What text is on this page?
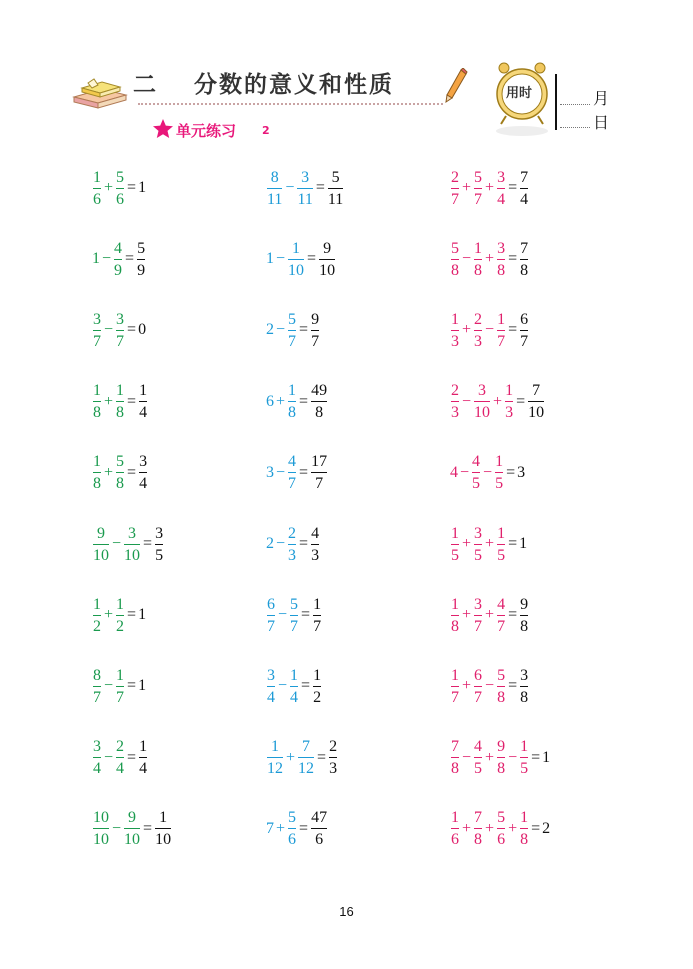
二 分数的意义和性质	用时	月
日
单元练习 2
$\frac{1}{6} + \frac{5}{6} = 1$
$1 - \frac{4}{9} = \frac{5}{9}$
$\frac{3}{7} - \frac{3}{7} = 0$
$\frac{1}{8} + \frac{1}{8} = \frac{1}{4}$
$\frac{1}{8} + \frac{5}{8} = \frac{3}{4}$
$\frac{9}{10} - \frac{3}{10} = \frac{3}{5}$
$\frac{1}{2} + \frac{1}{2} = 1$
$\frac{8}{7} - \frac{1}{7} = 1$
$\frac{3}{4} - \frac{2}{4} = \frac{1}{4}$
$\frac{10}{10} - \frac{9}{10} = \frac{1}{10}$
$\frac{8}{11} - \frac{3}{11} = \frac{5}{11}$
$1 - \frac{1}{10} = \frac{9}{10}$
$2 - \frac{5}{7} = \frac{9}{7}$
$6 + \frac{1}{8} = \frac{49}{8}$
$3 - \frac{4}{7} = \frac{17}{7}$
$2 - \frac{2}{3} = \frac{4}{3}$
$\frac{6}{7} - \frac{5}{7} = \frac{1}{7}$
$\frac{3}{4} - \frac{1}{4} = \frac{1}{2}$
$\frac{1}{12} + \frac{7}{12} = \frac{2}{3}$
$7 + \frac{5}{6} = \frac{47}{6}$
$\frac{2}{7} + \frac{5}{7} + \frac{3}{4} = \frac{7}{4}$
$\frac{5}{8} - \frac{1}{8} + \frac{3}{8} = \frac{7}{8}$
$\frac{1}{3} + \frac{2}{3} - \frac{1}{7} = \frac{6}{7}$
$\frac{2}{3} - \frac{3}{10} + \frac{1}{3} = \frac{7}{10}$
$4 - \frac{4}{5} - \frac{1}{5} = 3$
$\frac{1}{5} + \frac{3}{5} + \frac{1}{5} = 1$
$\frac{1}{8} + \frac{3}{7} + \frac{4}{7} = \frac{9}{8}$
$\frac{1}{7} + \frac{6}{7} - \frac{5}{8} = \frac{3}{8}$
$\frac{7}{8} - \frac{4}{5} + \frac{9}{8} - \frac{1}{5} = 1$
$\frac{1}{6} + \frac{7}{8} + \frac{5}{6} + \frac{1}{8} = 2$
16
